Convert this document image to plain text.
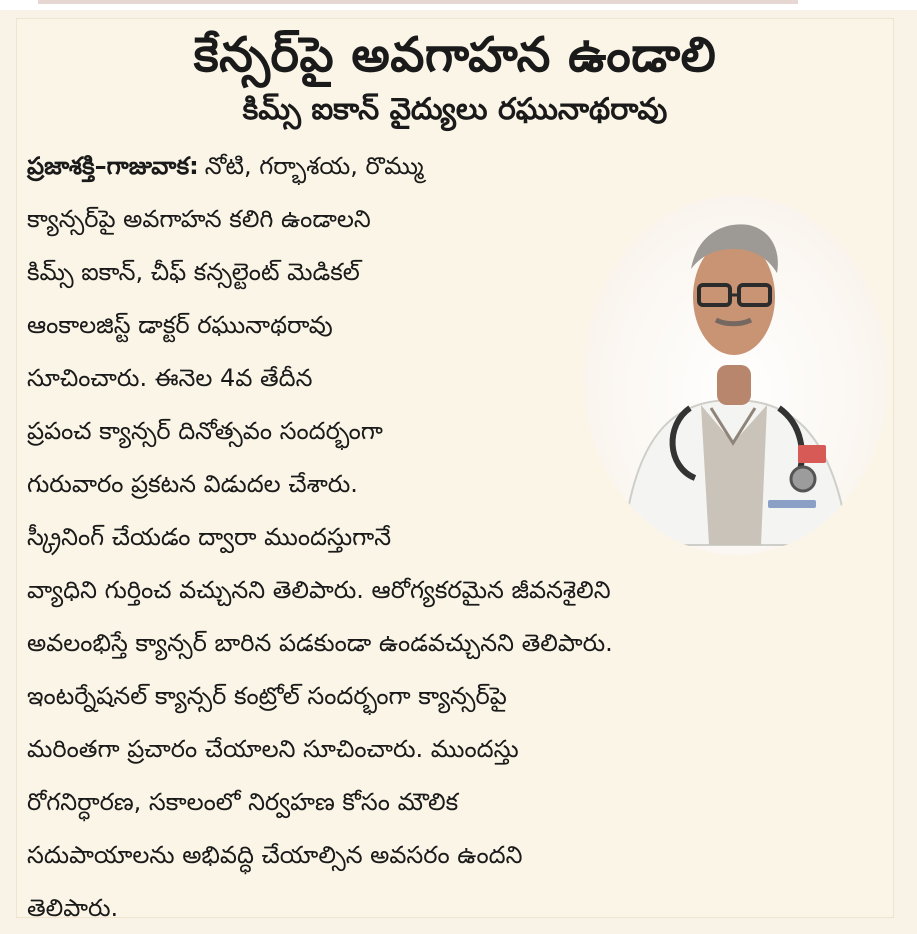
కేన్సర్‌పై అవగాహన ఉండాలి
కిమ్స్ ఐకాన్ వైద్యులు రఘునాథరావు
ప్రజాశక్తి–గాజువాక: నోటి, గర్భాశయ, రొమ్ము
క్యాన్సర్‌పై అవగాహన కలిగి ఉండాలని
కిమ్స్ ఐకాన్, చీఫ్ కన్సల్టెంట్ మెడికల్
ఆంకాలజిస్ట్ డాక్టర్ రఘునాథరావు
సూచించారు. ఈనెల 4వ తేదీన
ప్రపంచ క్యాన్సర్ దినోత్సవం సందర్భంగా
గురువారం ప్రకటన విడుదల చేశారు.
స్క్రీనింగ్ చేయడం ద్వారా ముందస్తుగానే
వ్యాధిని గుర్తించ వచ్చునని తెలిపారు. ఆరోగ్యకరమైన జీవనశైలిని
అవలంభిస్తే క్యాన్సర్ బారిన పడకుండా ఉండవచ్చునని తెలిపారు.
ఇంటర్నేషనల్ క్యాన్సర్ కంట్రోల్ సందర్భంగా క్యాన్సర్‌పై
మరింతగా ప్రచారం చేయాలని సూచించారు. ముందస్తు
రోగనిర్ధారణ, సకాలంలో నిర్వహణ కోసం మౌలిక
సదుపాయాలను అభివద్ధి చేయాల్సిన అవసరం ఉందని
తెలిపారు.
